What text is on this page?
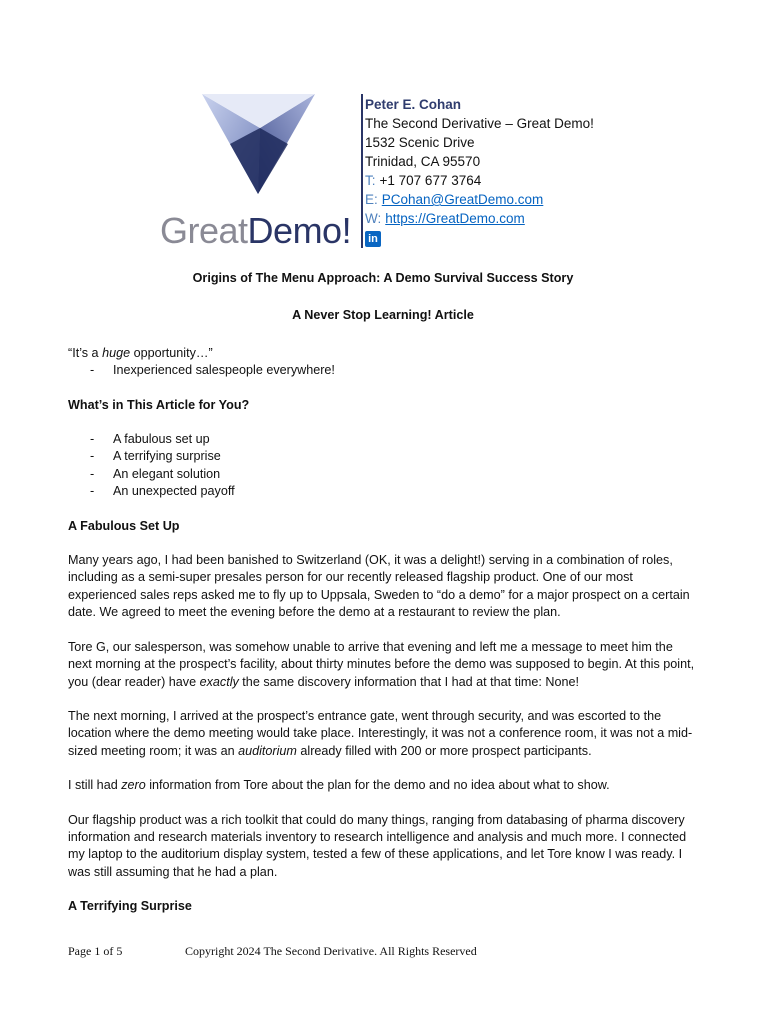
GreatDemo!
Peter E. Cohan
The Second Derivative – Great Demo!
1532 Scenic Drive
Trinidad, CA 95570
T: +1 707 677 3764
E: PCohan@GreatDemo.com
W: https://GreatDemo.com
in

Origins of The Menu Approach: A Demo Survival Success Story

A Never Stop Learning! Article

“It’s a huge opportunity…”

- Inexperienced salespeople everywhere!

What’s in This Article for You?

- A fabulous set up
- A terrifying surprise
- An elegant solution
- An unexpected payoff

A Fabulous Set Up

Many years ago, I had been banished to Switzerland (OK, it was a delight!) serving in a combination of roles, including as a semi-super presales person for our recently released flagship product. One of our most experienced sales reps asked me to fly up to Uppsala, Sweden to “do a demo” for a major prospect on a certain date. We agreed to meet the evening before the demo at a restaurant to review the plan.

Tore G, our salesperson, was somehow unable to arrive that evening and left me a message to meet him the next morning at the prospect’s facility, about thirty minutes before the demo was supposed to begin. At this point, you (dear reader) have exactly the same discovery information that I had at that time: None!

The next morning, I arrived at the prospect’s entrance gate, went through security, and was escorted to the location where the demo meeting would take place. Interestingly, it was not a conference room, it was not a mid-sized meeting room; it was an auditorium already filled with 200 or more prospect participants.

I still had zero information from Tore about the plan for the demo and no idea about what to show.

Our flagship product was a rich toolkit that could do many things, ranging from databasing of pharma discovery information and research materials inventory to research intelligence and analysis and much more. I connected my laptop to the auditorium display system, tested a few of these applications, and let Tore know I was ready. I was still assuming that he had a plan.

A Terrifying Surprise

Page 1 of 5	Copyright 2024 The Second Derivative. All Rights Reserved
